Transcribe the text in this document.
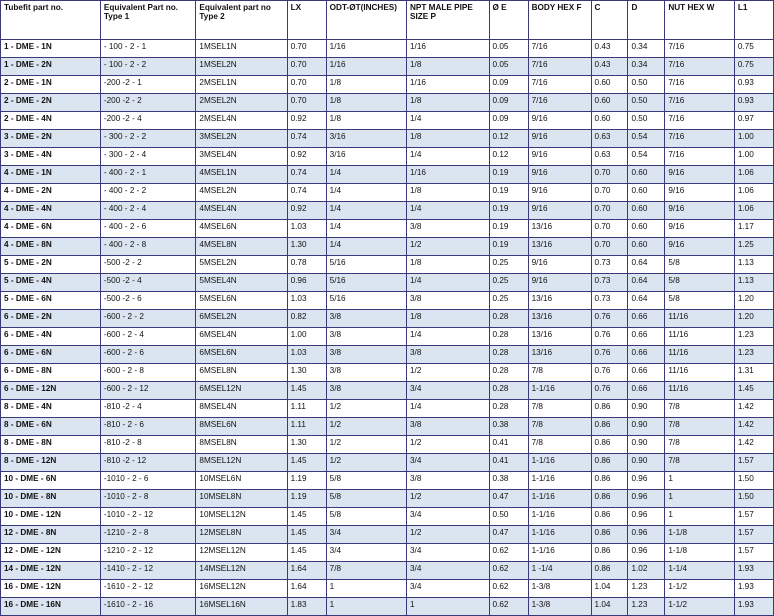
Tubefit part no.	Equivalent Part no. Type 1	Equivalent part no Type 2	LX	ODT-ØT(INCHES)	NPT MALE PIPE SIZE P	Ø E	BODY HEX F	C	D	NUT HEX W	L1
1 - DME - 1N	- 100 - 2 - 1	1MSEL1N	0.70	1/16	1/16	0.05	7/16	0.43	0.34	7/16	0.75
1 - DME - 2N	- 100 - 2 - 2	1MSEL2N	0.70	1/16	1/8	0.05	7/16	0.43	0.34	7/16	0.75
2 - DME - 1N	-200 -2 - 1	2MSEL1N	0.70	1/8	1/16	0.09	7/16	0.60	0.50	7/16	0.93
2 - DME - 2N	-200 -2 - 2	2MSEL2N	0.70	1/8	1/8	0.09	7/16	0.60	0.50	7/16	0.93
2 - DME - 4N	-200 -2 - 4	2MSEL4N	0.92	1/8	1/4	0.09	9/16	0.60	0.50	7/16	0.97
3 - DME - 2N	- 300 - 2 - 2	3MSEL2N	0.74	3/16	1/8	0.12	9/16	0.63	0.54	7/16	1.00
3 - DME - 4N	- 300 - 2 - 4	3MSEL4N	0.92	3/16	1/4	0.12	9/16	0.63	0.54	7/16	1.00
4 - DME - 1N	- 400 - 2 - 1	4MSEL1N	0.74	1/4	1/16	0.19	9/16	0.70	0.60	9/16	1.06
4 - DME - 2N	- 400 - 2 - 2	4MSEL2N	0.74	1/4	1/8	0.19	9/16	0.70	0.60	9/16	1.06
4 - DME - 4N	- 400 - 2 - 4	4MSEL4N	0.92	1/4	1/4	0.19	9/16	0.70	0.60	9/16	1.06
4 - DME - 6N	- 400 - 2 - 6	4MSEL6N	1.03	1/4	3/8	0.19	13/16	0.70	0.60	9/16	1.17
4 - DME - 8N	- 400 - 2 - 8	4MSEL8N	1.30	1/4	1/2	0.19	13/16	0.70	0.60	9/16	1.25
5 - DME - 2N	-500 -2 - 2	5MSEL2N	0.78	5/16	1/8	0.25	9/16	0.73	0.64	5/8	1.13
5 - DME - 4N	-500 -2 - 4	5MSEL4N	0.96	5/16	1/4	0.25	9/16	0.73	0.64	5/8	1.13
5 - DME - 6N	-500 -2 - 6	5MSEL6N	1.03	5/16	3/8	0.25	13/16	0.73	0.64	5/8	1.20
6 - DME - 2N	-600 - 2 - 2	6MSEL2N	0.82	3/8	1/8	0.28	13/16	0.76	0.66	11/16	1.20
6 - DME - 4N	-600 - 2 - 4	6MSEL4N	1.00	3/8	1/4	0.28	13/16	0.76	0.66	11/16	1.23
6 - DME - 6N	-600 - 2 - 6	6MSEL6N	1.03	3/8	3/8	0.28	13/16	0.76	0.66	11/16	1.23
6 - DME - 8N	-600 - 2 - 8	6MSEL8N	1.30	3/8	1/2	0.28	7/8	0.76	0.66	11/16	1.31
6 - DME - 12N	-600 - 2 - 12	6MSEL12N	1.45	3/8	3/4	0.28	1-1/16	0.76	0.66	11/16	1.45
8 - DME - 4N	-810 -2 - 4	8MSEL4N	1.11	1/2	1/4	0.28	7/8	0.86	0.90	7/8	1.42
8 - DME - 6N	-810 - 2 - 6	8MSEL6N	1.11	1/2	3/8	0.38	7/8	0.86	0.90	7/8	1.42
8 - DME - 8N	-810 -2 - 8	8MSEL8N	1.30	1/2	1/2	0.41	7/8	0.86	0.90	7/8	1.42
8 - DME - 12N	-810 -2 - 12	8MSEL12N	1.45	1/2	3/4	0.41	1-1/16	0.86	0.90	7/8	1.57
10 - DME - 6N	-1010 - 2 - 6	10MSEL6N	1.19	5/8	3/8	0.38	1-1/16	0.86	0.96	1	1.50
10 - DME - 8N	-1010 - 2 - 8	10MSEL8N	1.19	5/8	1/2	0.47	1-1/16	0.86	0.96	1	1.50
10 - DME - 12N	-1010 - 2 - 12	10MSEL12N	1.45	5/8	3/4	0.50	1-1/16	0.86	0.96	1	1.57
12 - DME - 8N	-1210 - 2 - 8	12MSEL8N	1.45	3/4	1/2	0.47	1-1/16	0.86	0.96	1-1/8	1.57
12 - DME - 12N	-1210 - 2 - 12	12MSEL12N	1.45	3/4	3/4	0.62	1-1/16	0.86	0.96	1-1/8	1.57
14 - DME - 12N	-1410 - 2 - 12	14MSEL12N	1.64	7/8	3/4	0.62	1 -1/4	0.86	1.02	1-1/4	1.93
16 - DME - 12N	-1610 - 2 - 12	16MSEL12N	1.64	1	3/4	0.62	1-3/8	1.04	1.23	1-1/2	1.93
16 - DME - 16N	-1610 - 2 - 16	16MSEL16N	1.83	1	1	0.62	1-3/8	1.04	1.23	1-1/2	1.93
